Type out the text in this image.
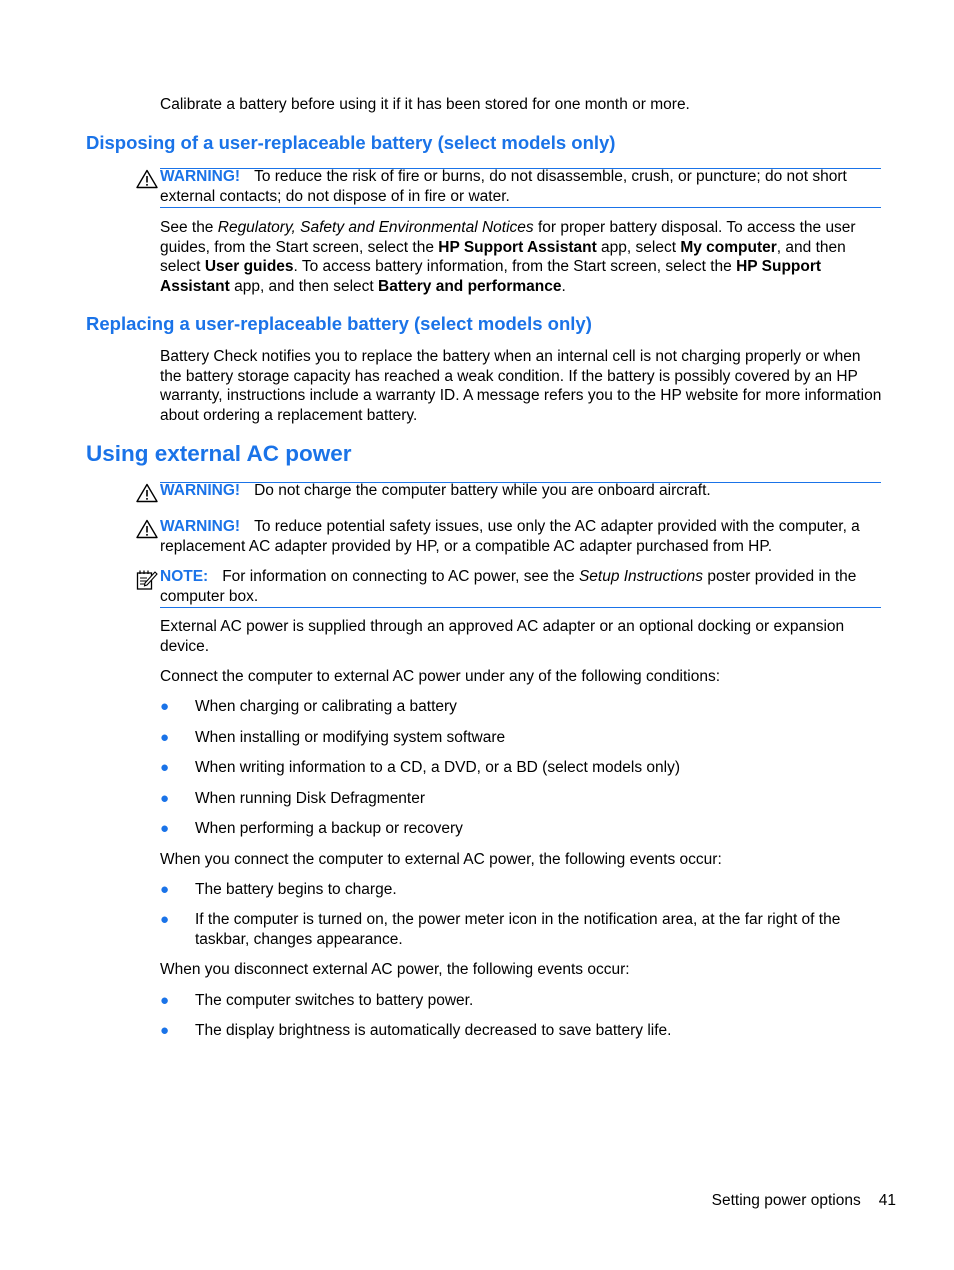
Calibrate a battery before using it if it has been stored for one month or more.

Disposing of a user-replaceable battery (select models only)

WARNING! To reduce the risk of fire or burns, do not disassemble, crush, or puncture; do not short external contacts; do not dispose of in fire or water.

See the Regulatory, Safety and Environmental Notices for proper battery disposal. To access the user guides, from the Start screen, select the HP Support Assistant app, select My computer, and then select User guides. To access battery information, from the Start screen, select the HP Support Assistant app, and then select Battery and performance.

Replacing a user-replaceable battery (select models only)

Battery Check notifies you to replace the battery when an internal cell is not charging properly or when the battery storage capacity has reached a weak condition. If the battery is possibly covered by an HP warranty, instructions include a warranty ID. A message refers you to the HP website for more information about ordering a replacement battery.

Using external AC power

WARNING! Do not charge the computer battery while you are onboard aircraft.

WARNING! To reduce potential safety issues, use only the AC adapter provided with the computer, a replacement AC adapter provided by HP, or a compatible AC adapter purchased from HP.

NOTE: For information on connecting to AC power, see the Setup Instructions poster provided in the computer box.

External AC power is supplied through an approved AC adapter or an optional docking or expansion device.

Connect the computer to external AC power under any of the following conditions:

● When charging or calibrating a battery

● When installing or modifying system software

● When writing information to a CD, a DVD, or a BD (select models only)

● When running Disk Defragmenter

● When performing a backup or recovery

When you connect the computer to external AC power, the following events occur:

● The battery begins to charge.

● If the computer is turned on, the power meter icon in the notification area, at the far right of the taskbar, changes appearance.

When you disconnect external AC power, the following events occur:

● The computer switches to battery power.

● The display brightness is automatically decreased to save battery life.

Setting power options 41
